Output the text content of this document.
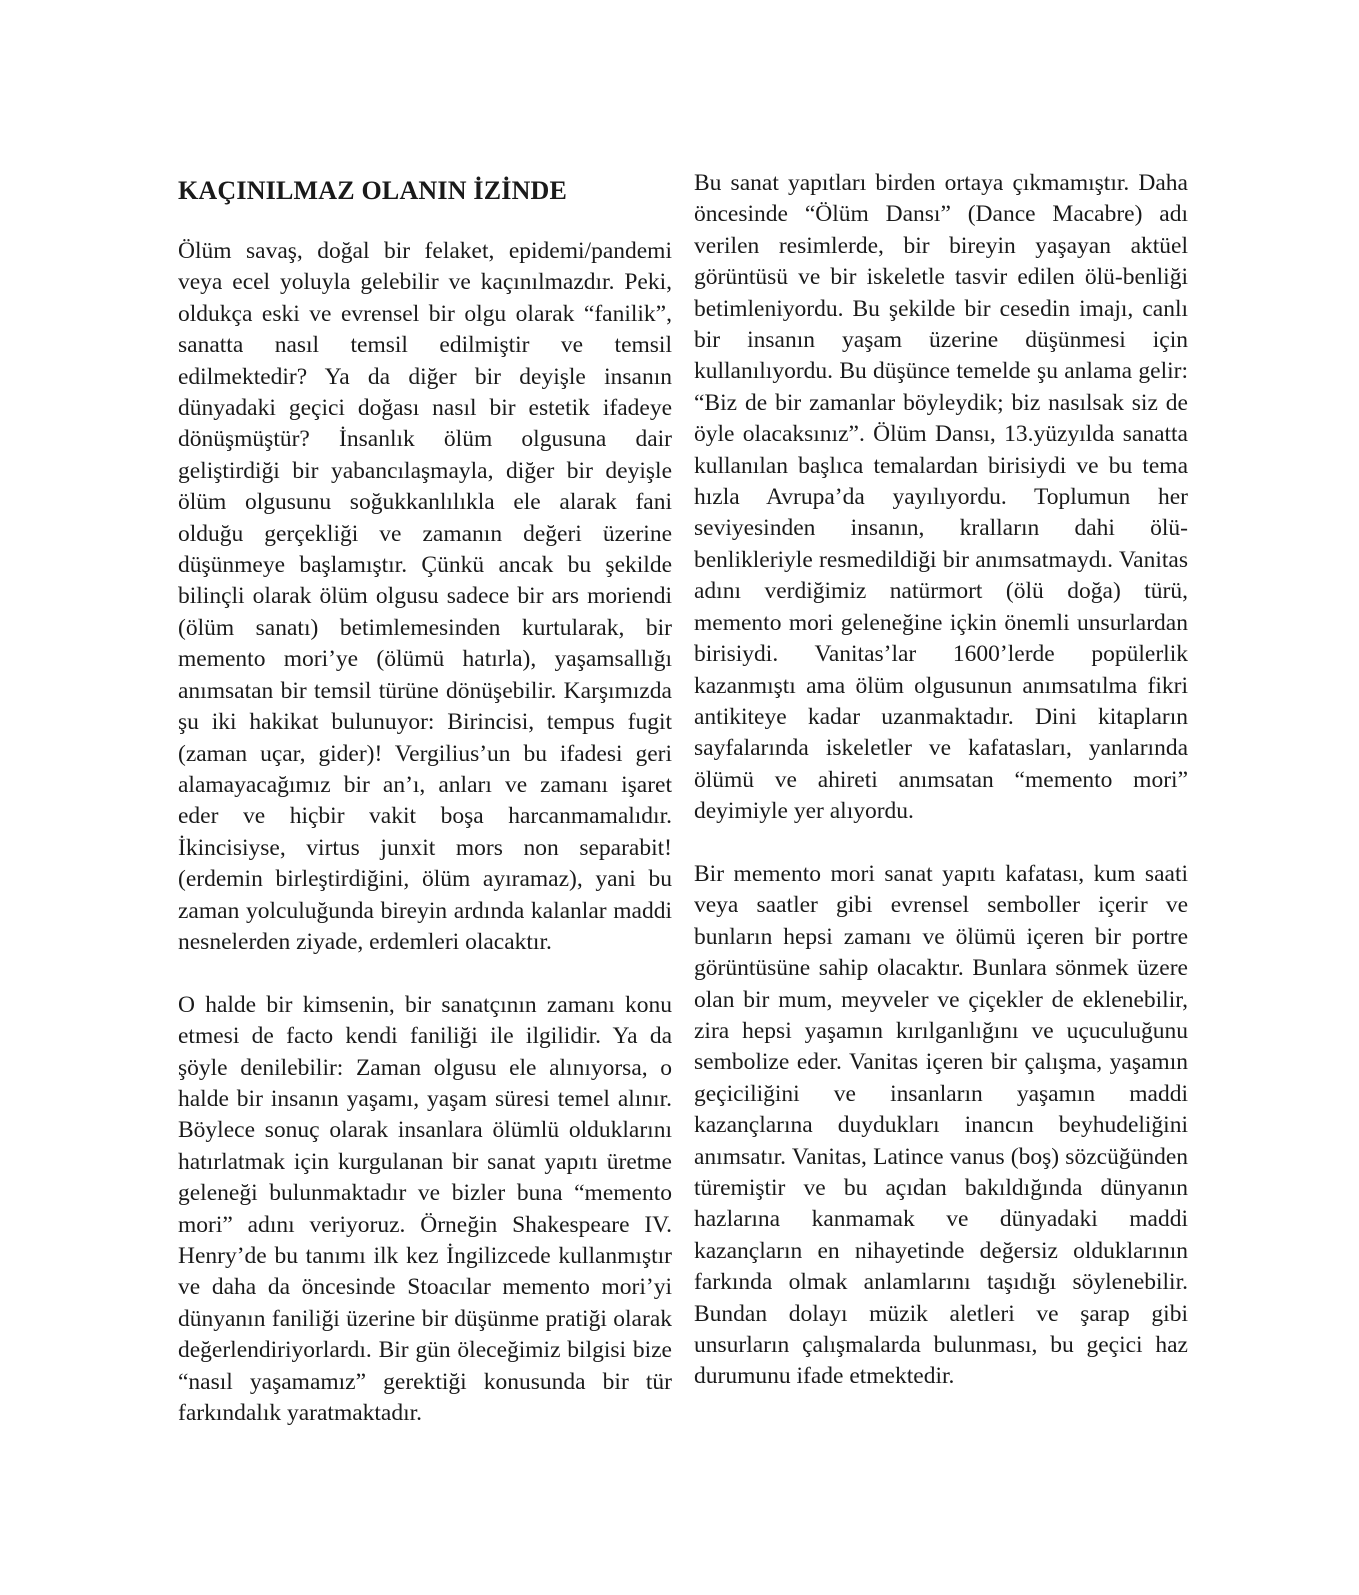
KAÇINILMAZ OLANIN İZİNDE

Ölüm savaş, doğal bir felaket, epidemi/pandemi veya ecel yoluyla gelebilir ve kaçınılmazdır. Peki, oldukça eski ve evrensel bir olgu olarak “fanilik”, sanatta nasıl temsil edilmiştir ve temsil edilmektedir? Ya da diğer bir deyişle insanın dünyadaki geçici doğası nasıl bir estetik ifadeye dönüşmüştür? İnsanlık ölüm olgusuna dair geliştirdiği bir yabancılaşmayla, diğer bir deyişle ölüm olgusunu soğukkanlılıkla ele alarak fani olduğu gerçekliği ve zamanın değeri üzerine düşünmeye başlamıştır. Çünkü ancak bu şekilde bilinçli olarak ölüm olgusu sadece bir ars moriendi (ölüm sanatı) betimlemesinden kurtularak, bir memento mori’ye (ölümü hatırla), yaşamsallığı anımsatan bir temsil türüne dönüşebilir. Karşımızda şu iki hakikat bulunuyor: Birincisi, tempus fugit (zaman uçar, gider)! Vergilius’un bu ifadesi geri alamayacağımız bir an’ı, anları ve zamanı işaret eder ve hiçbir vakit boşa harcanmamalıdır. İkincisiyse, virtus junxit mors non separabit! (erdemin birleştirdiğini, ölüm ayıramaz), yani bu zaman yolculuğunda bireyin ardında kalanlar maddi nesnelerden ziyade, erdemleri olacaktır.

O halde bir kimsenin, bir sanatçının zamanı konu etmesi de facto kendi faniliği ile ilgilidir. Ya da şöyle denilebilir: Zaman olgusu ele alınıyorsa, o halde bir insanın yaşamı, yaşam süresi temel alınır. Böylece sonuç olarak insanlara ölümlü olduklarını hatırlatmak için kurgulanan bir sanat yapıtı üretme geleneği bulunmaktadır ve bizler buna “memento mori” adını veriyoruz. Örneğin Shakespeare IV. Henry’de bu tanımı ilk kez İngilizcede kullanmıştır ve daha da öncesinde Stoacılar memento mori’yi dünyanın faniliği üzerine bir düşünme pratiği olarak değerlendiriyorlardı. Bir gün öleceğimiz bilgisi bize “nasıl yaşamamız” gerektiği konusunda bir tür farkındalık yaratmaktadır.

Bu sanat yapıtları birden ortaya çıkmamıştır. Daha öncesinde “Ölüm Dansı” (Dance Macabre) adı verilen resimlerde, bir bireyin yaşayan aktüel görüntüsü ve bir iskeletle tasvir edilen ölü-benliği betimleniyordu. Bu şekilde bir cesedin imajı, canlı bir insanın yaşam üzerine düşünmesi için kullanılıyordu. Bu düşünce temelde şu anlama gelir: “Biz de bir zamanlar böyleydik; biz nasılsak siz de öyle olacaksınız”. Ölüm Dansı, 13.yüzyılda sanatta kullanılan başlıca temalardan birisiydi ve bu tema hızla Avrupa’da yayılıyordu. Toplumun her seviyesinden insanın, kralların dahi ölü-benlikleriyle resmedildiği bir anımsatmaydı. Vanitas adını verdiğimiz natürmort (ölü doğa) türü, memento mori geleneğine içkin önemli unsurlardan birisiydi. Vanitas’lar 1600’lerde popülerlik kazanmıştı ama ölüm olgusunun anımsatılma fikri antikiteye kadar uzanmaktadır. Dini kitapların sayfalarında iskeletler ve kafatasları, yanlarında ölümü ve ahireti anımsatan “memento mori” deyimiyle yer alıyordu.

Bir memento mori sanat yapıtı kafatası, kum saati veya saatler gibi evrensel semboller içerir ve bunların hepsi zamanı ve ölümü içeren bir portre görüntüsüne sahip olacaktır. Bunlara sönmek üzere olan bir mum, meyveler ve çiçekler de eklenebilir, zira hepsi yaşamın kırılganlığını ve uçuculuğunu sembolize eder. Vanitas içeren bir çalışma, yaşamın geçiciliğini ve insanların yaşamın maddi kazançlarına duydukları inancın beyhudeliğini anımsatır. Vanitas, Latince vanus (boş) sözcüğünden türemiştir ve bu açıdan bakıldığında dünyanın hazlarına kanmamak ve dünyadaki maddi kazançların en nihayetinde değersiz olduklarının farkında olmak anlamlarını taşıdığı söylenebilir. Bundan dolayı müzik aletleri ve şarap gibi unsurların çalışmalarda bulunması, bu geçici haz durumunu ifade etmektedir.
